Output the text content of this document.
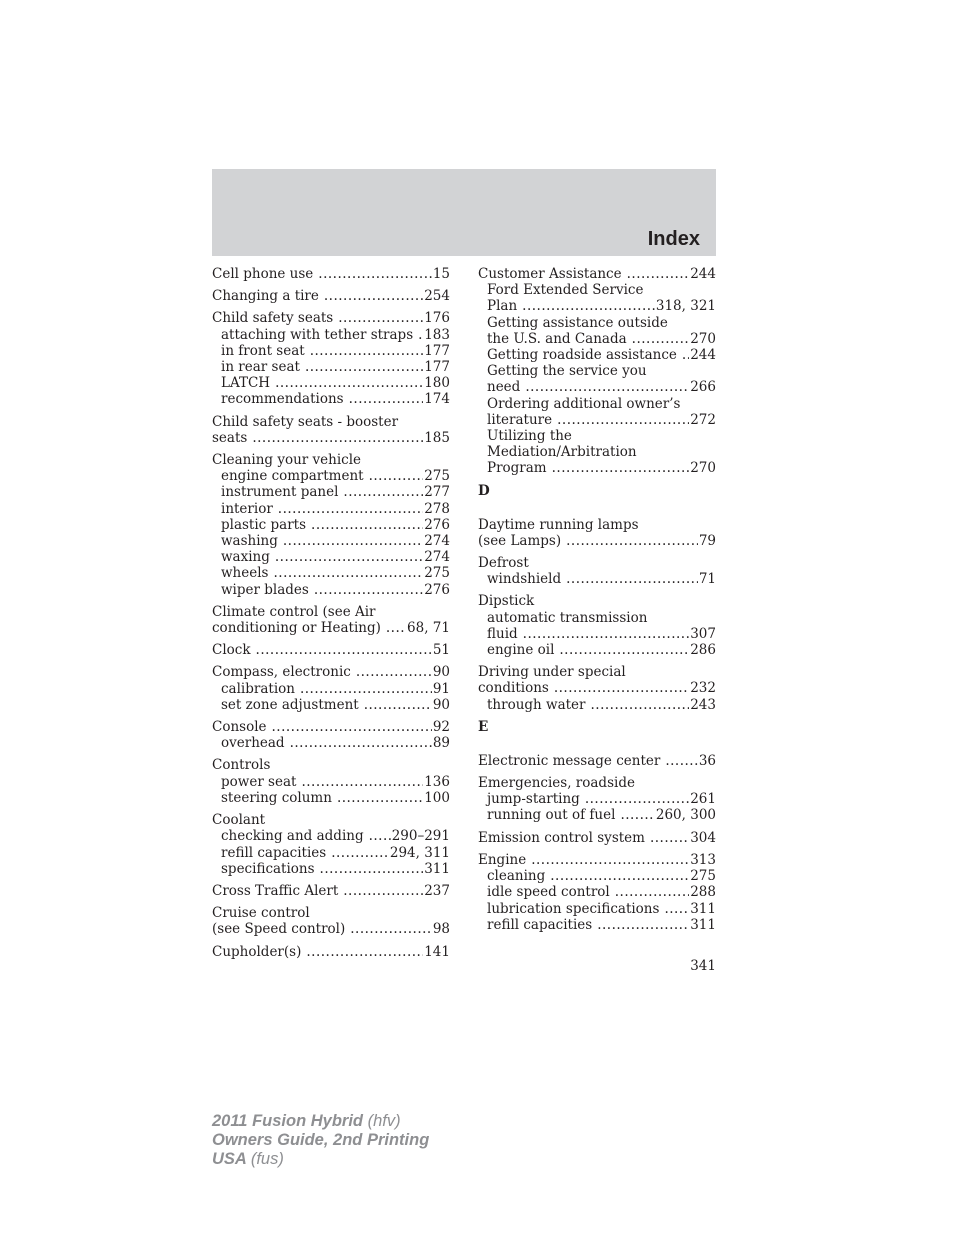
Index
Cell phone use .....	15
Changing a tire .....	254
Child safety seats .....	176
attaching with tether straps ..... 183
in front seat .....	177
in rear seat .....	177
LATCH .....	180
recommendations .....	174
Child safety seats - booster
seats .....	185
Cleaning your vehicle
engine compartment .....	275
instrument panel .....	277
interior .....	278
plastic parts .....	276
washing .....	274
waxing .....	274
wheels .....	275
wiper blades .....	276
Climate control (see Air
conditioning or Heating) ..... 68, 71
Clock .....	51
Compass, electronic .....	90
calibration .....	91
set zone adjustment .....	90
Console .....	92
overhead .....	89
Controls
power seat .....	136
steering column .....	100
Coolant
checking and adding ..... 290–291
refill capacities .....	294, 311
specifications .....	311
Cross Traffic Alert .....	237
Cruise control
(see Speed control) .....	98
Cupholder(s) .....	141
Customer Assistance .....	244
Ford Extended Service
Plan .....	318, 321
Getting assistance outside
the U.S. and Canada .....	270
Getting roadside assistance ..... 244
Getting the service you
need .....	266
Ordering additional owner’s
literature .....	272
Utilizing the
Mediation/Arbitration
Program .....	270
D
Daytime running lamps
(see Lamps) .....	79
Defrost
windshield .....	71
Dipstick
automatic transmission
fluid .....	307
engine oil .....	286
Driving under special
conditions .....	232
through water .....	243
E
Electronic message center .....	36
Emergencies, roadside
jump-starting .....	261
running out of fuel .....	260, 300
Emission control system .....	304
Engine .....	313
cleaning .....	275
idle speed control .....	288
lubrication specifications ..... 311
refill capacities .....	311
341
2011 Fusion Hybrid (hfv)
Owners Guide, 2nd Printing
USA (fus)
